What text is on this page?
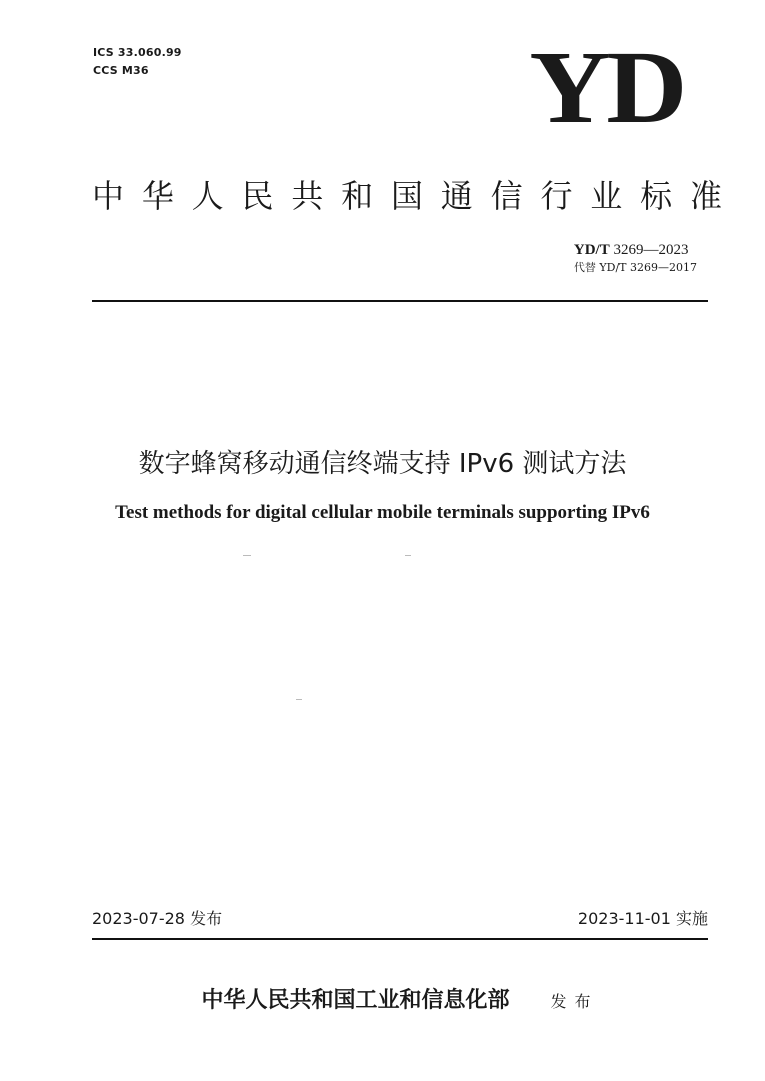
ICS 33.060.99
CCS M36	YD
中 华 人 民 共 和 国 通 信 行 业 标 准
YD/T 3269—2023
代替 YD/T 3269—2017
数字蜂窝移动通信终端支持 IPv6 测试方法
Test methods for digital cellular mobile terminals supporting IPv6
2023-07-28 发布	2023-11-01 实施
中华人民共和国工业和信息化部	发布
